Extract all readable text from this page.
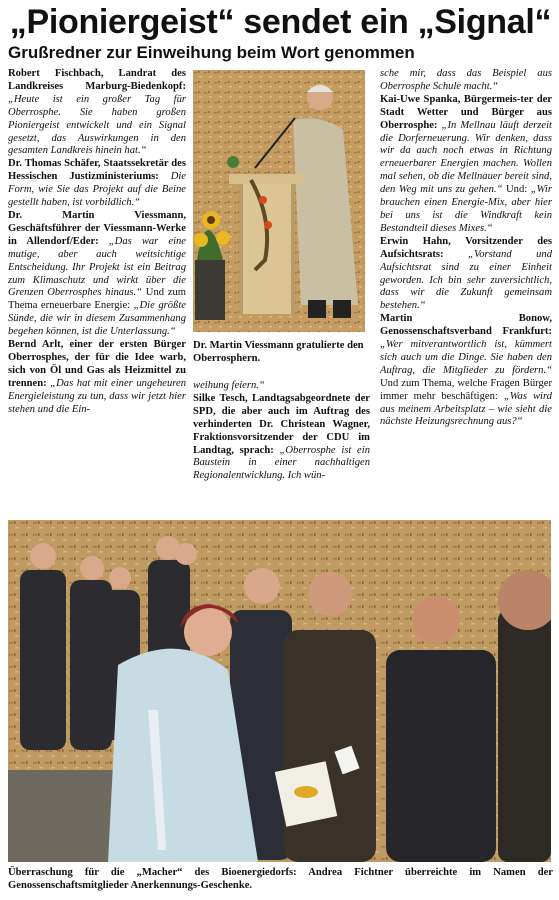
„Pioniergeist“ sendet ein „Signal“
Grußredner zur Einweihung beim Wort genommen

Robert Fischbach, Landrat des Landkreises Marburg-Biedenkopf: „Heute ist ein großer Tag für Oberrosphe. Sie haben großen Pioniergeist entwickelt und ein Signal gesetzt, das Auswirkungen in den gesamten Landkreis hinein hat.“

Dr. Thomas Schäfer, Staatssekretär des Hessischen Justizministeriums: Die Form, wie Sie das Projekt auf die Beine gestellt haben, ist vorbildlich.“

Dr. Martin Viessmann, Geschäftsführer der Viessmann-Werke in Allendorf/Eder: „Das war eine mutige, aber auch weitsichtige Entscheidung. Ihr Projekt ist ein Beitrag zum Klimaschutz und wirkt über die Grenzen Oberrosphes hinaus.“ Und zum Thema erneuerbare Energie: „Die größte Sünde, die wir in diesem Zusammenhang begehen können, ist die Unterlassung.“

Bernd Arlt, einer der ersten Bürger Oberrosphes, der für die Idee warb, sich von Öl und Gas als Heizmittel zu trennen: „Das hat mit einer ungeheuren Energieleistung zu tun, dass wir jetzt hier stehen und die Ein-

Dr. Martin Viessmann gratulierte den Oberrosphern.

weihung feiern.“

Silke Tesch, Landtagsabgeordnete der SPD, die aber auch im Auftrag des verhinderten Dr. Christean Wagner, Fraktionsvorsitzender der CDU im Landtag, sprach: „Oberrosphe ist ein Baustein in einer nachhaltigen Regionalentwicklung. Ich wün-

sche mir, dass das Beispiel aus Oberrosphe Schule macht.“

Kai-Uwe Spanka, Bürgermeis-ter der Stadt Wetter und Bürger aus Oberrosphe: „In Mellnau läuft derzeit die Dorferneuerung. Wir denken, dass wir da auch noch etwas in Richtung erneuerbarer Energien machen. Wollen mal sehen, ob die Mellnauer bereit sind, den Weg mit uns zu gehen.“ Und: „Wir brauchen einen Energie-Mix, aber hier bei uns ist die Windkraft kein Bestandteil dieses Mixes.“

Erwin Hahn, Vorsitzender des Aufsichtsrats: „Vorstand und Aufsichtsrat sind zu einer Einheit geworden. Ich bin sehr zuversichtlich, dass wir die Zukunft gemeinsam bestehen.“

Martin Bonow, Genossenschaftsverband Frankfurt: „Wer mitverantwortlich ist, kümmert sich auch um die Dinge. Sie haben den Auftrag, die Mitglieder zu fördern.“ Und zum Thema, welche Fragen Bürger immer mehr beschäftigen: „Was wird aus meinem Arbeitsplatz – wie sieht die nächste Heizungsrechnung aus?“

Überraschung für die „Macher“ des Bioenergiedorfs: Andrea Fichtner überreichte im Namen der Genossenschaftsmitglieder Anerkennungs-Geschenke.
